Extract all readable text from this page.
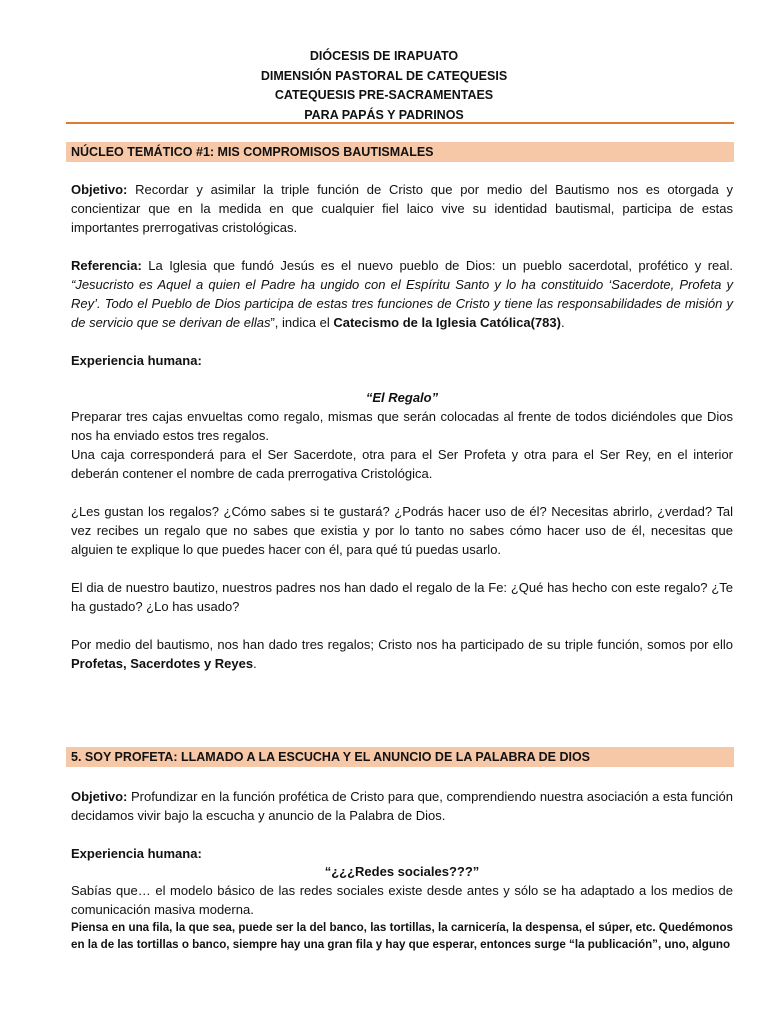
DIÓCESIS DE IRAPUATO
DIMENSIÓN PASTORAL DE CATEQUESIS
CATEQUESIS PRE-SACRAMENTAES
PARA PAPÁS Y PADRINOS
NÚCLEO TEMÁTICO #1: MIS COMPROMISOS BAUTISMALES

Objetivo: Recordar y asimilar la triple función de Cristo que por medio del Bautismo nos es otorgada y concientizar que en la medida en que cualquier fiel laico vive su identidad bautismal, participa de estas importantes prerrogativas cristológicas.

Referencia: La Iglesia que fundó Jesús es el nuevo pueblo de Dios: un pueblo sacerdotal, profético y real. “Jesucristo es Aquel a quien el Padre ha ungido con el Espíritu Santo y lo ha constituido ‘Sacerdote, Profeta y Rey’. Todo el Pueblo de Dios participa de estas tres funciones de Cristo y tiene las responsabilidades de misión y de servicio que se derivan de ellas”, indica el Catecismo de la Iglesia Católica(783).

Experiencia humana:

“El Regalo”

Preparar tres cajas envueltas como regalo, mismas que serán colocadas al frente de todos diciéndoles que Dios nos ha enviado estos tres regalos.

Una caja corresponderá para el Ser Sacerdote, otra para el Ser Profeta y otra para el Ser Rey, en el interior deberán contener el nombre de cada prerrogativa Cristológica.

¿Les gustan los regalos? ¿Cómo sabes si te gustará? ¿Podrás hacer uso de él? Necesitas abrirlo, ¿verdad? Tal vez recibes un regalo que no sabes que existia y por lo tanto no sabes cómo hacer uso de él, necesitas que alguien te explique lo que puedes hacer con él, para qué tú puedas usarlo.

El dia de nuestro bautizo, nuestros padres nos han dado el regalo de la Fe: ¿Qué has hecho con este regalo? ¿Te ha gustado? ¿Lo has usado?

Por medio del bautismo, nos han dado tres regalos; Cristo nos ha participado de su triple función, somos por ello Profetas, Sacerdotes y Reyes.

5. SOY PROFETA: LLAMADO A LA ESCUCHA Y EL ANUNCIO DE LA PALABRA DE DIOS

Objetivo: Profundizar en la función profética de Cristo para que, comprendiendo nuestra asociación a esta función decidamos vivir bajo la escucha y anuncio de la Palabra de Dios.

Experiencia humana:

“¿¿¿Redes sociales???”

Sabías que… el modelo básico de las redes sociales existe desde antes y sólo se ha adaptado a los medios de comunicación masiva moderna.

Piensa en una fila, la que sea, puede ser la del banco, las tortillas, la carnicería, la despensa, el súper, etc. Quedémonos en la de las tortillas o banco, siempre hay una gran fila y hay que esperar, entonces surge “la publicación”, uno, alguno
